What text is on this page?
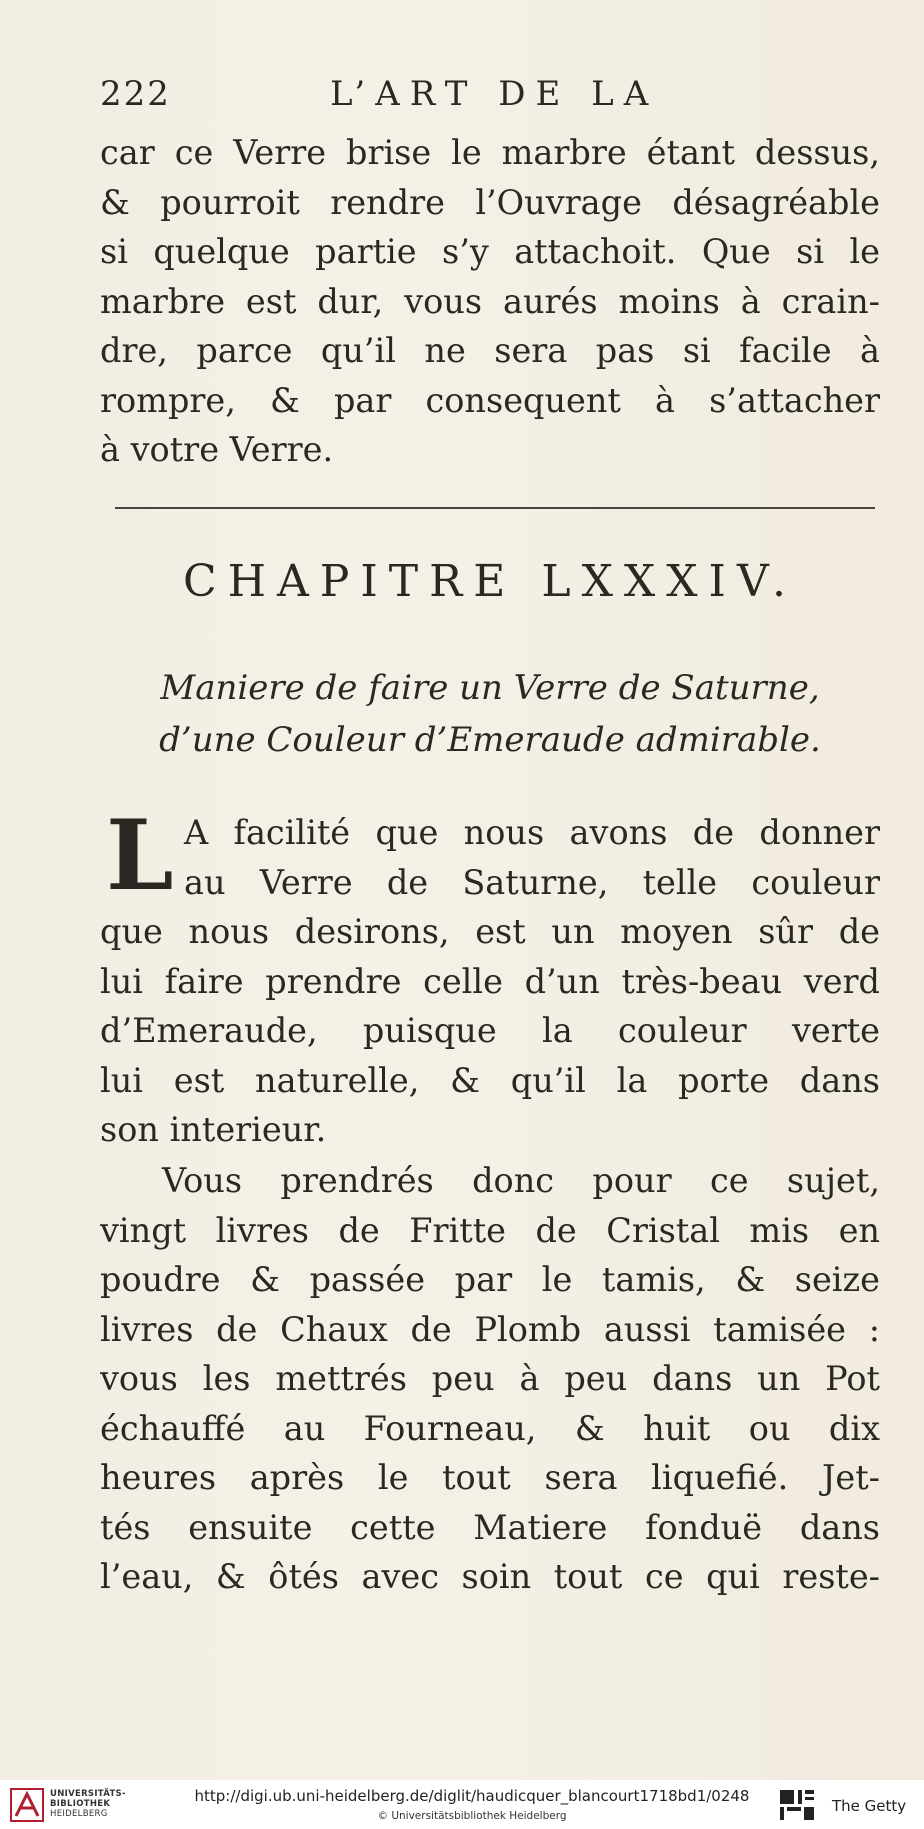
222	L’ART DE LA
car ce Verre brise le marbre étant dessus,
& pourroit rendre l’Ouvrage désagréable
si quelque partie s’y attachoit. Que si le
marbre est dur, vous aurés moins à crain-
dre, parce qu’il ne sera pas si facile à
rompre, & par consequent à s’attacher
à votre Verre.
CHAPITRE LXXXIV.
Maniere de faire un Verre de Saturne,
d’une Couleur d’Emeraude admirable.
L A facilité que nous avons de donner
au Verre de Saturne, telle couleur
que nous desirons, est un moyen sûr de
lui faire prendre celle d’un très-beau verd
d’Emeraude, puisque la couleur verte
lui est naturelle, & qu’il la porte dans
son interieur.
Vous prendrés donc pour ce sujet,
vingt livres de Fritte de Cristal mis en
poudre & passée par le tamis, & seize
livres de Chaux de Plomb aussi tamisée :
vous les mettrés peu à peu dans un Pot
échauffé au Fourneau, & huit ou dix
heures après le tout sera liquefié. Jet-
tés ensuite cette Matiere fonduë dans
l’eau, & ôtés avec soin tout ce qui reste-
UNIVERSITÄTS-
BIBLIOTHEK
HEIDELBERG
http://digi.ub.uni-heidelberg.de/diglit/haudicquer_blancourt1718bd1/0248
© Universitätsbibliothek Heidelberg
The Getty
